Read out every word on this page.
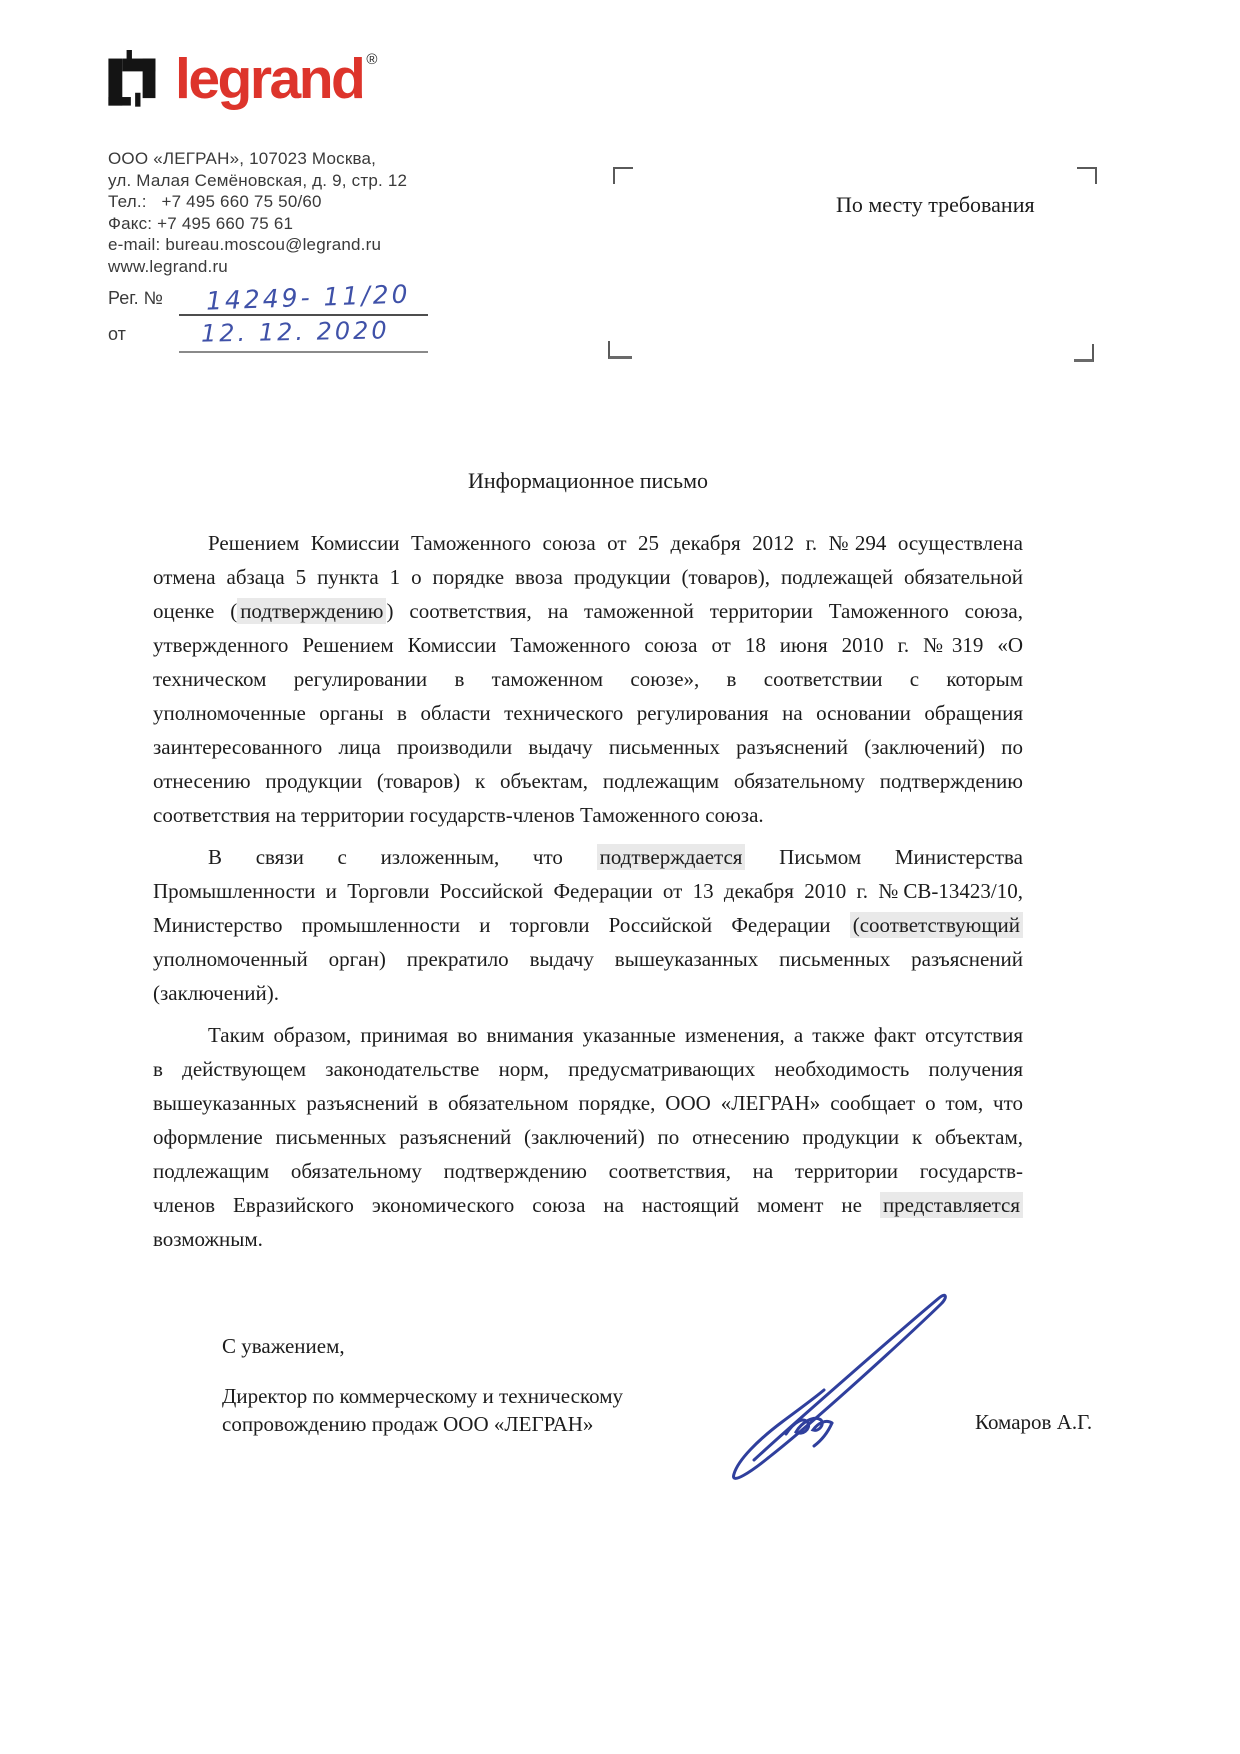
legrand ®
ООО «ЛЕГРАН», 107023 Москва,
ул. Малая Семёновская, д. 9, стр. 12
Тел.:   +7 495 660 75 50/60
Факс: +7 495 660 75 61
e-mail: bureau.moscou@legrand.ru
www.legrand.ru
Рег. № 14249- 11/20
от	12. 12. 2020
По месту требования
Информационное письмо
Решением Комиссии Таможенного союза от 25 декабря 2012 г. №294 осуществлена
отмена абзаца 5 пункта 1 о порядке ввоза продукции (товаров), подлежащей обязательной
оценке ( подтверждению ) соответствия, на таможенной территории Таможенного союза,
утвержденного Решением Комиссии Таможенного союза от 18 июня 2010 г. №319 «О
техническом регулировании в таможенном союзе», в соответствии с которым
уполномоченные органы в области технического регулирования на основании обращения
заинтересованного лица производили выдачу письменных разъяснений (заключений) по
отнесению продукции (товаров) к объектам, подлежащим обязательному подтверждению
соответствия на территории государств-членов Таможенного союза.
В связи с изложенным, что подтверждается Письмом Министерства
Промышленности и Торговли Российской Федерации от 13 декабря 2010 г. №СВ-13423/10,
Министерство промышленности и торговли Российской Федерации (соответствующий
уполномоченный орган) прекратило выдачу вышеуказанных письменных разъяснений
(заключений).
Таким образом, принимая во внимания указанные изменения, а также факт отсутствия
в действующем законодательстве норм, предусматривающих необходимость получения
вышеуказанных разъяснений в обязательном порядке, ООО «ЛЕГРАН» сообщает о том, что
оформление письменных разъяснений (заключений) по отнесению продукции к объектам,
подлежащим обязательному подтверждению соответствия, на территории государств-
членов Евразийского экономического союза на настоящий момент не представляется
возможным.
С уважением,
Директор по коммерческому и техническому
сопровождению продаж ООО «ЛЕГРАН»	Комаров А.Г.
